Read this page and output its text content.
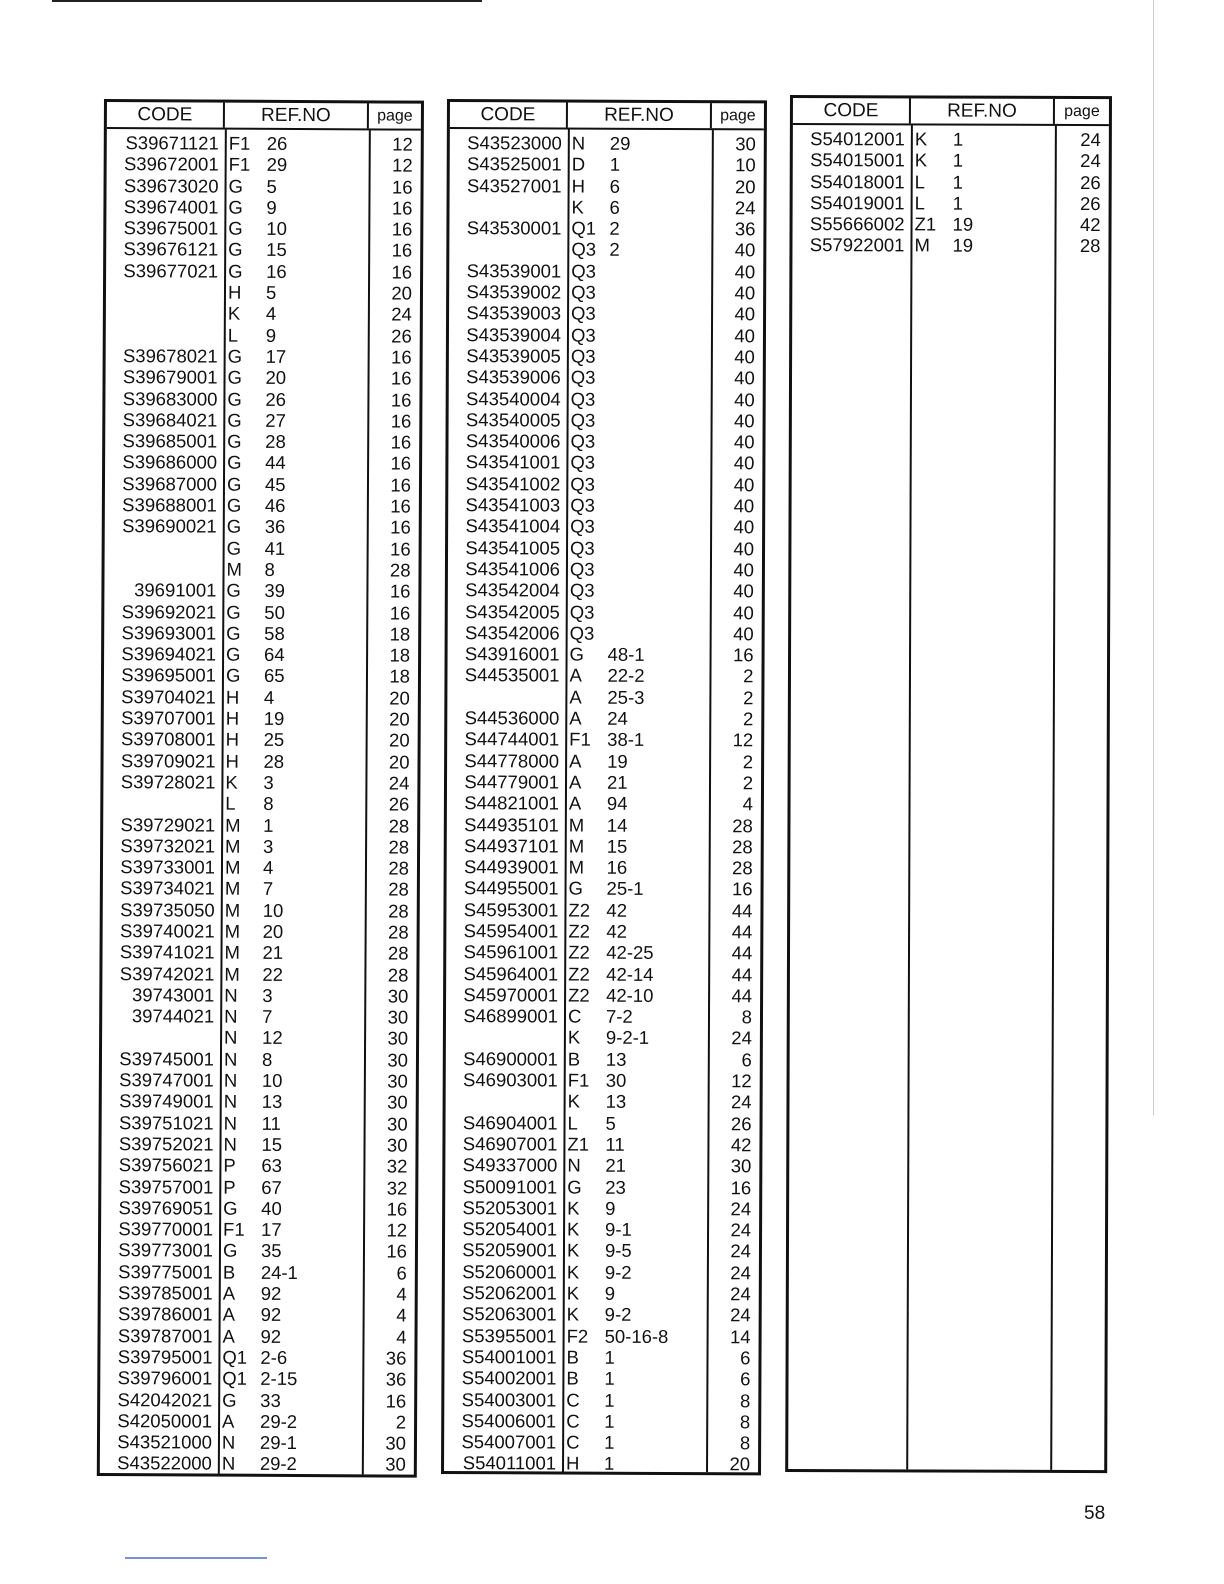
CODE	REF.NO	page
S39671121 F1 26	12
S39672001 F1 29	12
S39673020 G	5	16
S39674001 G	9	16
S39675001 G	10	16
S39676121 G	15	16
S39677021 G	16	16
H	5	20
K	4	24
L	9	26
S39678021 G	17	16
S39679001 G	20	16
S39683000 G	26	16
S39684021 G	27	16
S39685001 G	28	16
S39686000 G	44	16
S39687000 G	45	16
S39688001 G	46	16
S39690021 G	36	16
G	41	16
M	8	28
39691001 G	39	16
S39692021 G	50	16
S39693001 G	58	18
S39694021 G	64	18
S39695001 G	65	18
S39704021 H	4	20
S39707001 H	19	20
S39708001 H	25	20
S39709021 H	28	20
S39728021 K	3	24
L	8	26
S39729021 M	1	28
S39732021 M	3	28
S39733001 M	4	28
S39734021 M	7	28
S39735050 M	10	28
S39740021 M	20	28
S39741021 M	21	28
S39742021 M	22	28
39743001 N	3	30
39744021 N	7	30
N	12	30
S39745001 N	8	30
S39747001 N	10	30
S39749001 N	13	30
S39751021 N	11	30
S39752021 N	15	30
S39756021 P	63	32
S39757001 P	67	32
S39769051 G	40	16
S39770001 F1 17	12
S39773001 G	35	16
S39775001 B	24-1	6
S39785001 A	92	4
S39786001 A	92	4
S39787001 A	92	4
S39795001 Q1 2-6	36
S39796001 Q1 2-15	36
S42042021 G	33	16
S42050001 A	29-2	2
S43521000 N	29-1	30
S43522000 N	29-2	30
CODE	REF.NO	page
S43523000 N	29	30
S43525001 D	1	10
S43527001 H	6	20
K	6	24
S43530001 Q1 2	36
Q3 2	40
S43539001 Q3	40
S43539002 Q3	40
S43539003 Q3	40
S43539004 Q3	40
S43539005 Q3	40
S43539006 Q3	40
S43540004 Q3	40
S43540005 Q3	40
S43540006 Q3	40
S43541001 Q3	40
S43541002 Q3	40
S43541003 Q3	40
S43541004 Q3	40
S43541005 Q3	40
S43541006 Q3	40
S43542004 Q3	40
S43542005 Q3	40
S43542006 Q3	40
S43916001 G	48-1	16
S44535001 A	22-2	2
A	25-3	2
S44536000 A	24	2
S44744001 F1 38-1	12
S44778000 A	19	2
S44779001 A	21	2
S44821001 A	94	4
S44935101 M	14	28
S44937101 M	15	28
S44939001 M	16	28
S44955001 G	25-1	16
S45953001 Z2 42	44
S45954001 Z2 42	44
S45961001 Z2 42-25	44
S45964001 Z2 42-14	44
S45970001 Z2 42-10	44
S46899001 C	7-2	8
K	9-2-1	24
S46900001 B	13	6
S46903001 F1 30	12
K	13	24
S46904001 L	5	26
S46907001 Z1 11	42
S49337000 N	21	30
S50091001 G	23	16
S52053001 K	9	24
S52054001 K	9-1	24
S52059001 K	9-5	24
S52060001 K	9-2	24
S52062001 K	9	24
S52063001 K	9-2	24
S53955001 F2 50-16-8	14
S54001001 B	1	6
S54002001 B	1	6
S54003001 C	1	8
S54006001 C	1	8
S54007001 C	1	8
S54011001 H	1	20
CODE	REF.NO	page
S54012001 K	1	24
S54015001 K	1	24
S54018001 L	1	26
S54019001 L	1	26
S55666002 Z1 19	42
S57922001 M	19	28
58
